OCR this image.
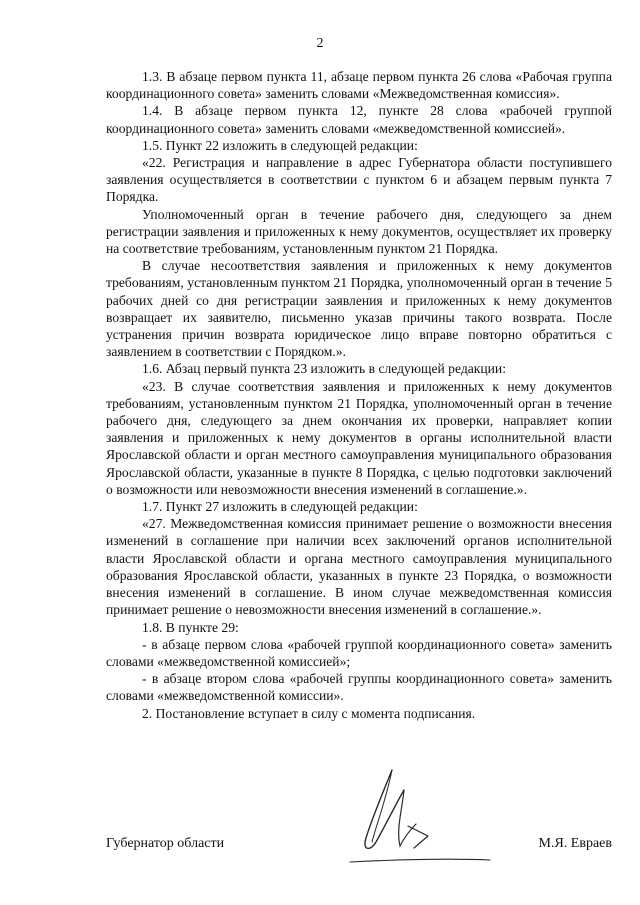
2

1.3. В абзаце первом пункта 11, абзаце первом пункта 26 слова «Рабочая группа координационного совета» заменить словами «Межведомственная комиссия».

1.4. В абзаце первом пункта 12, пункте 28 слова «рабочей группой координационного совета» заменить словами «межведомственной комиссией».

1.5. Пункт 22 изложить в следующей редакции:

«22. Регистрация и направление в адрес Губернатора области поступившего заявления осуществляется в соответствии с пунктом 6 и абзацем первым пункта 7 Порядка.

Уполномоченный орган в течение рабочего дня, следующего за днем регистрации заявления и приложенных к нему документов, осуществляет их проверку на соответствие требованиям, установленным пунктом 21 Порядка.

В случае несоответствия заявления и приложенных к нему документов требованиям, установленным пунктом 21 Порядка, уполномоченный орган в течение 5 рабочих дней со дня регистрации заявления и приложенных к нему документов возвращает их заявителю, письменно указав причины такого возврата. После устранения причин возврата юридическое лицо вправе повторно обратиться с заявлением в соответствии с Порядком.».

1.6. Абзац первый пункта 23 изложить в следующей редакции:

«23. В случае соответствия заявления и приложенных к нему документов требованиям, установленным пунктом 21 Порядка, уполномоченный орган в течение рабочего дня, следующего за днем окончания их проверки, направляет копии заявления и приложенных к нему документов в органы исполнительной власти Ярославской области и орган местного самоуправления муниципального образования Ярославской области, указанные в пункте 8 Порядка, с целью подготовки заключений о возможности или невозможности внесения изменений в соглашение.».

1.7. Пункт 27 изложить в следующей редакции:

«27. Межведомственная комиссия принимает решение о возможности внесения изменений в соглашение при наличии всех заключений органов исполнительной власти Ярославской области и органа местного самоуправления муниципального образования Ярославской области, указанных в пункте 23 Порядка, о возможности внесения изменений в соглашение. В ином случае межведомственная комиссия принимает решение о невозможности внесения изменений в соглашение.».

1.8. В пункте 29:

- в абзаце первом слова «рабочей группой координационного совета» заменить словами «межведомственной комиссией»;

- в абзаце втором слова «рабочей группы координационного совета» заменить словами «межведомственной комиссии».

2. Постановление вступает в силу с момента подписания.

Губернатор области	М.Я. Евраев
